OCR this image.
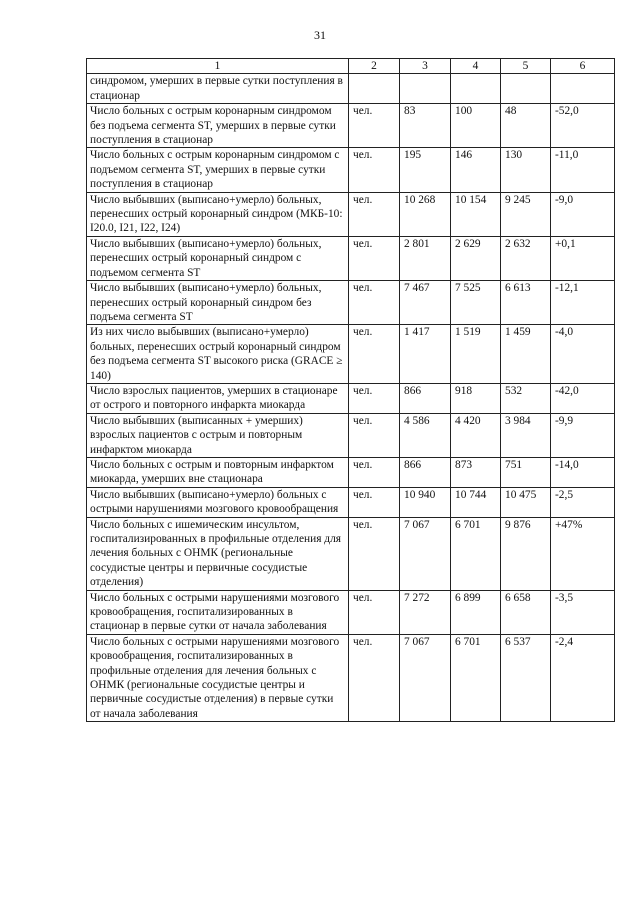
31
1	2	3	4	5	6
синдромом, умерших в первые сутки поступления в стационар					
Число больных с острым коронарным синдромом без подъема сегмента ST, умерших в первые сутки поступления в стационар	чел.	83	100	48	-52,0
Число больных с острым коронарным синдромом с подъемом сегмента ST, умерших в первые сутки поступления в стационар	чел.	195	146	130	-11,0
Число выбывших (выписано+умерло) больных, перенесших острый коронарный синдром (МКБ-10: I20.0, I21, I22, I24)	чел.	10 268	10 154	9 245	-9,0
Число выбывших (выписано+умерло) больных, перенесших острый коронарный синдром с подъемом сегмента ST	чел.	2 801	2 629	2 632	+0,1
Число выбывших (выписано+умерло) больных, перенесших острый коронарный синдром без подъема сегмента ST	чел.	7 467	7 525	6 613	-12,1
Из них число выбывших (выписано+умерло) больных, перенесших острый коронарный синдром без подъема сегмента ST высокого риска (GRACE ≥ 140)	чел.	1 417	1 519	1 459	-4,0
Число взрослых пациентов, умерших в стационаре от острого и повторного инфаркта миокарда	чел.	866	918	532	-42,0
Число выбывших (выписанных + умерших) взрослых пациентов с острым и повторным инфарктом миокарда	чел.	4 586	4 420	3 984	-9,9
Число больных с острым и повторным инфарктом миокарда, умерших вне стационара	чел.	866	873	751	-14,0
Число выбывших (выписано+умерло) больных с острыми нарушениями мозгового кровообращения	чел.	10 940	10 744	10 475	-2,5
Число больных с ишемическим инсультом, госпитализированных в профильные отделения для лечения больных с ОНМК (региональные сосудистые центры и первичные сосудистые отделения)	чел.	7 067	6 701	9 876	+47%
Число больных с острыми нарушениями мозгового кровообращения, госпитализированных в стационар в первые сутки от начала заболевания	чел.	7 272	6 899	6 658	-3,5
Число больных с острыми нарушениями мозгового кровообращения, госпитализированных в профильные отделения для лечения больных с ОНМК (региональные сосудистые центры и первичные сосудистые отделения) в первые сутки от начала заболевания	чел.	7 067	6 701	6 537	-2,4
